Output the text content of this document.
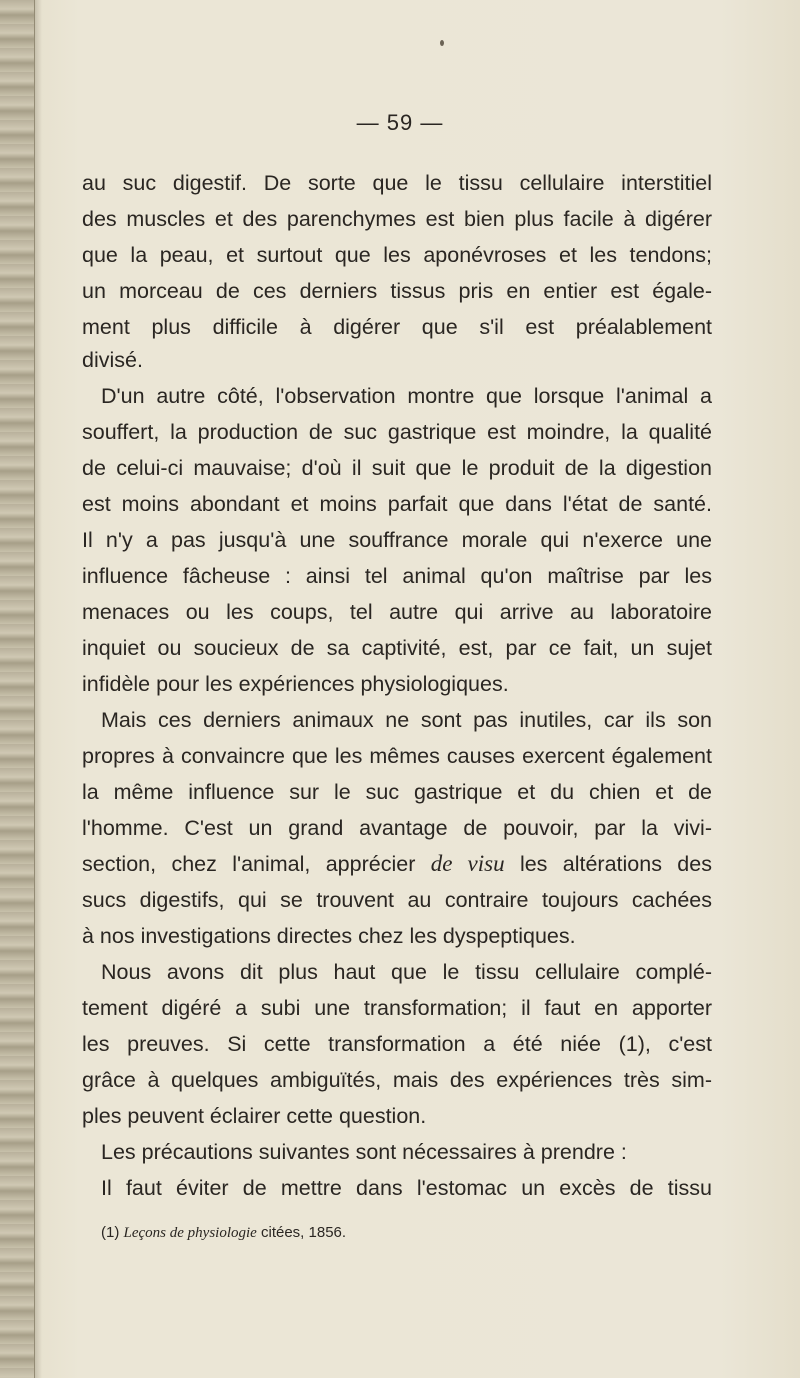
— 59 —
au suc digestif. De sorte que le tissu cellulaire interstitiel
des muscles et des parenchymes est bien plus facile à digérer
que la peau, et surtout que les aponévroses et les tendons;
un morceau de ces derniers tissus pris en entier est égale-
ment plus difficile à digérer que s'il est préalablement
divisé.
D'un autre côté, l'observation montre que lorsque l'animal a
souffert, la production de suc gastrique est moindre, la qualité
de celui-ci mauvaise; d'où il suit que le produit de la digestion
est moins abondant et moins parfait que dans l'état de santé.
Il n'y a pas jusqu'à une souffrance morale qui n'exerce une
influence fâcheuse : ainsi tel animal qu'on maîtrise par les
menaces ou les coups, tel autre qui arrive au laboratoire
inquiet ou soucieux de sa captivité, est, par ce fait, un sujet
infidèle pour les expériences physiologiques.
Mais ces derniers animaux ne sont pas inutiles, car ils son
propres à convaincre que les mêmes causes exercent également
la même influence sur le suc gastrique et du chien et de
l'homme. C'est un grand avantage de pouvoir, par la vivi-
section, chez l'animal, apprécier de visu les altérations des
sucs digestifs, qui se trouvent au contraire toujours cachées
à nos investigations directes chez les dyspeptiques.
Nous avons dit plus haut que le tissu cellulaire complé-
tement digéré a subi une transformation; il faut en apporter
les preuves. Si cette transformation a été niée (1), c'est
grâce à quelques ambiguïtés, mais des expériences très sim-
ples peuvent éclairer cette question.
Les précautions suivantes sont nécessaires à prendre :
Il faut éviter de mettre dans l'estomac un excès de tissu
(1) Leçons de physiologie citées, 1856.
